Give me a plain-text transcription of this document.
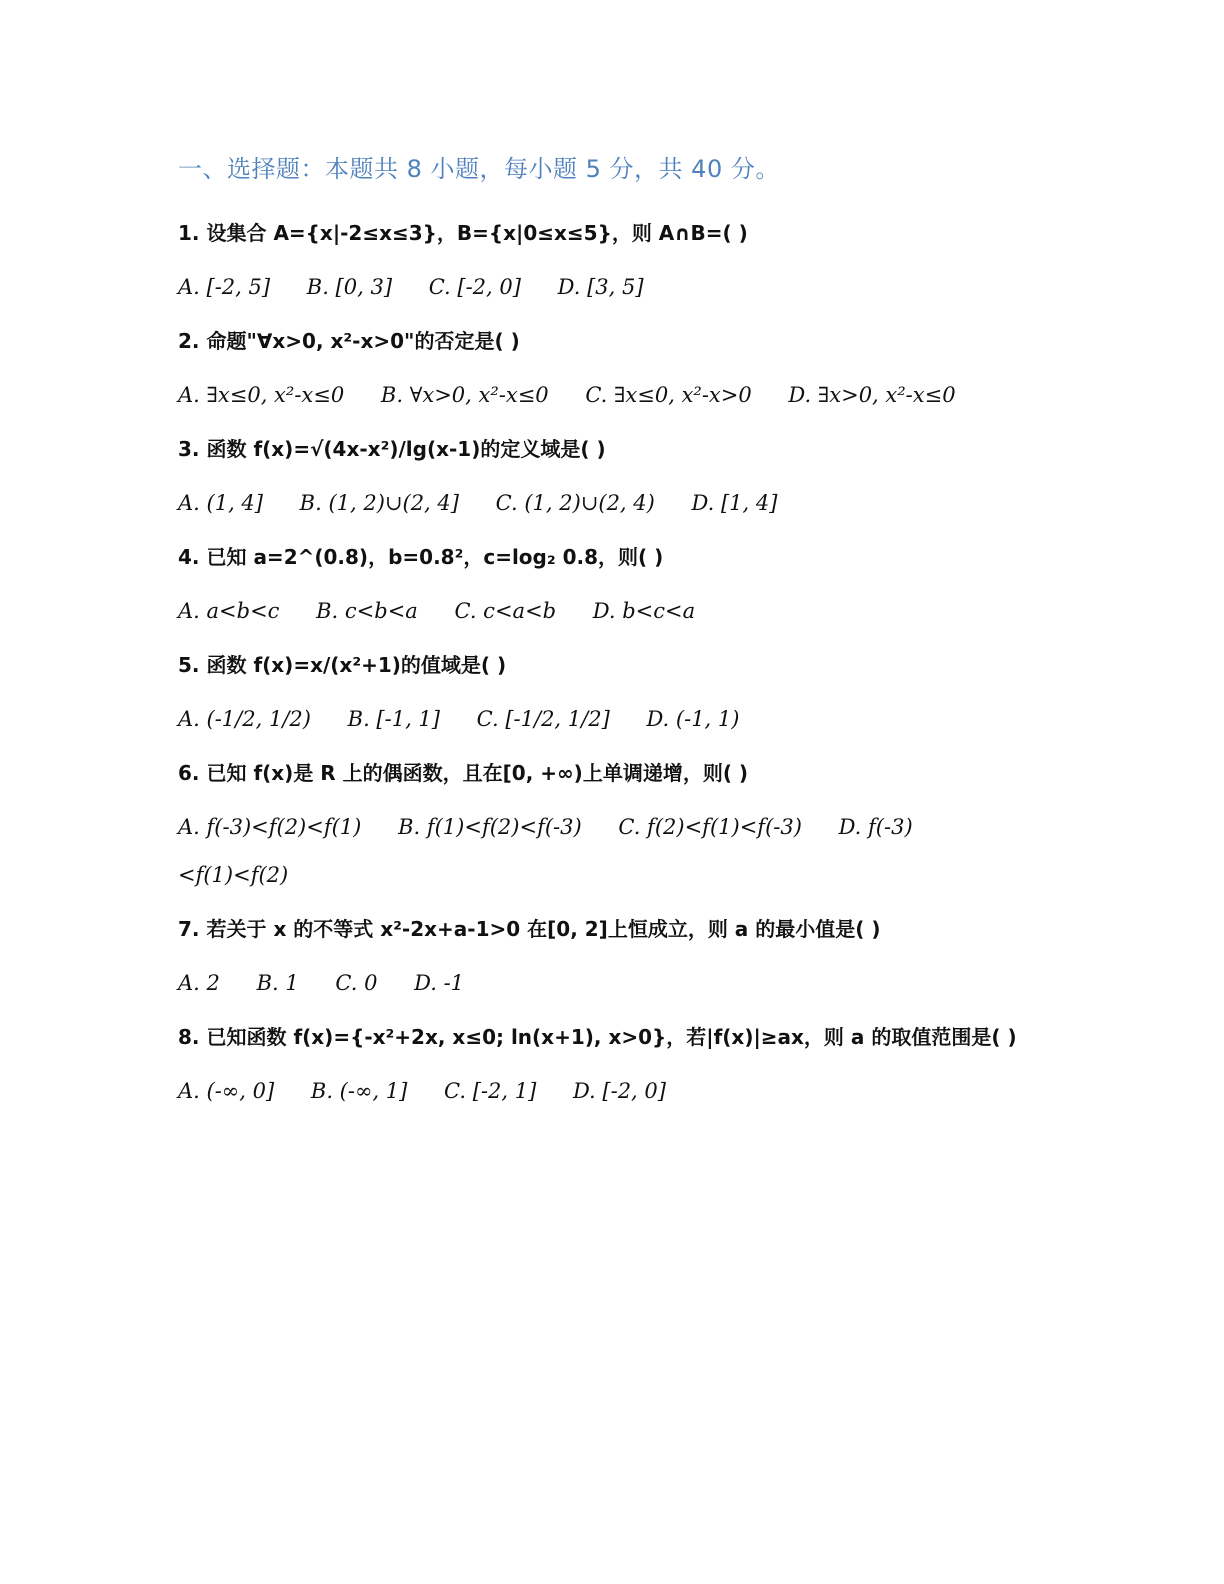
一、选择题：本题共 8 小题，每小题 5 分，共 40 分。
1. 设集合 A={x|-2≤x≤3}，B={x|0≤x≤5}，则 A∩B=( )
A. [-2, 5] B. [0, 3] C. [-2, 0] D. [3, 5]
2. 命题"∀x>0, x²-x>0"的否定是( )
A. ∃x≤0, x²-x≤0 B. ∀x>0, x²-x≤0 C. ∃x≤0, x²-x>0 D. ∃x>0, x²-x≤0
3. 函数 f(x)=√(4x-x²)/lg(x-1)的定义域是( )
A. (1, 4] B. (1, 2)∪(2, 4] C. (1, 2)∪(2, 4) D. [1, 4]
4. 已知 a=2^(0.8)，b=0.8²，c=log₂ 0.8，则( )
A. a<b<c B. c<b<a C. c<a<b D. b<c<a
5. 函数 f(x)=x/(x²+1)的值域是( )
A. (-1/2, 1/2) B. [-1, 1] C. [-1/2, 1/2] D. (-1, 1)
6. 已知 f(x)是 R 上的偶函数，且在[0, +∞)上单调递增，则( )
A. f(-3)<f(2)<f(1) B. f(1)<f(2)<f(-3) C. f(2)<f(1)<f(-3) D. f(-3)<f(1)<f(2)
7. 若关于 x 的不等式 x²-2x+a-1>0 在[0, 2]上恒成立，则 a 的最小值是( )
A. 2 B. 1 C. 0 D. -1
8. 已知函数 f(x)={-x²+2x, x≤0; ln(x+1), x>0}，若|f(x)|≥ax，则 a 的取值范围是( )
A. (-∞, 0] B. (-∞, 1] C. [-2, 1] D. [-2, 0]
